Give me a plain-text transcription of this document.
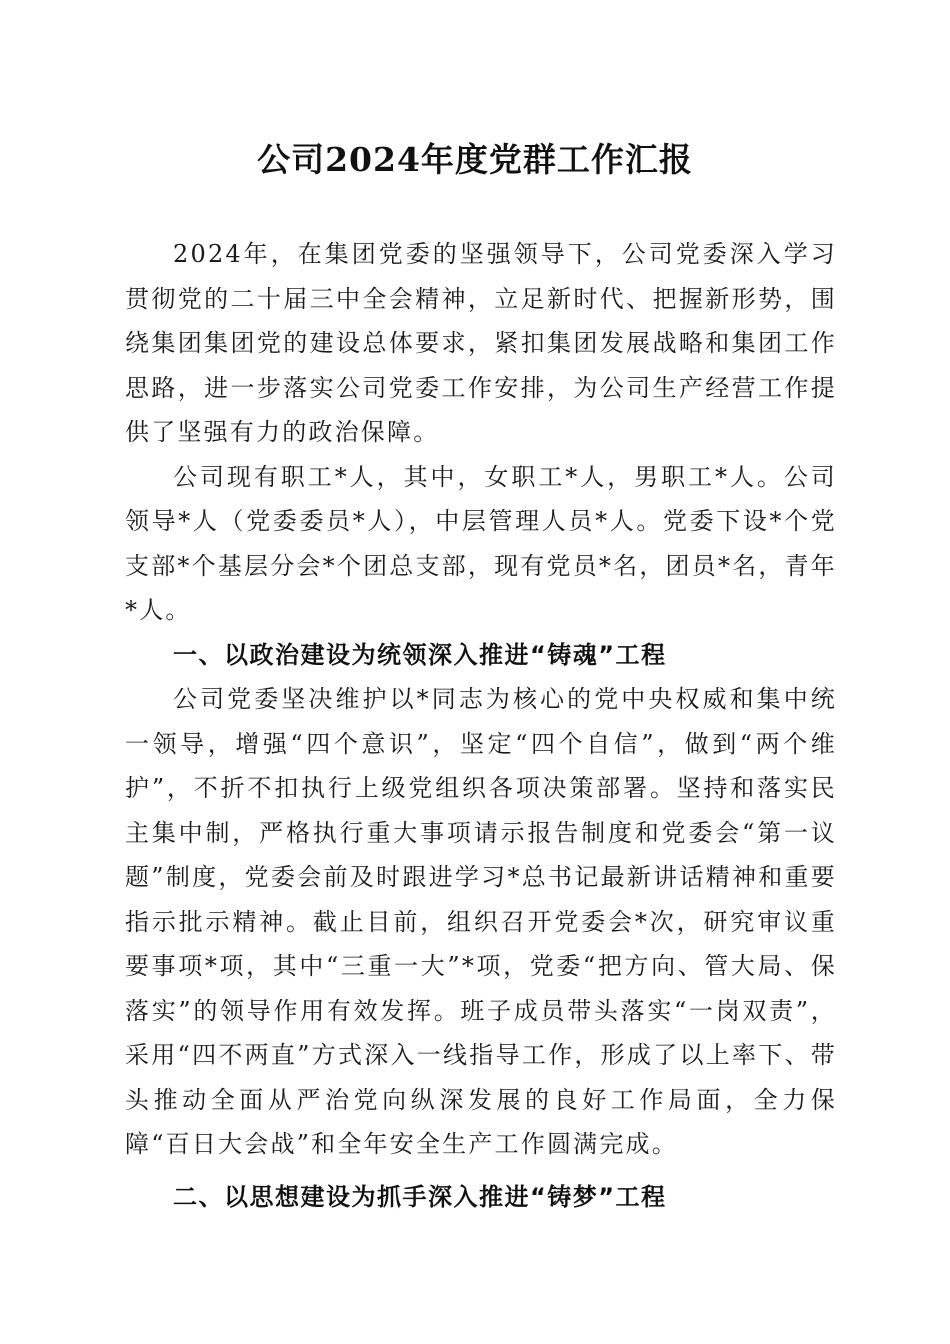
公司2024年度党群工作汇报

2024年，在集团党委的坚强领导下，公司党委深入学习贯彻党的二十届三中全会精神，立足新时代、把握新形势，围绕集团集团党的建设总体要求，紧扣集团发展战略和集团工作思路，进一步落实公司党委工作安排，为公司生产经营工作提供了坚强有力的政治保障。

公司现有职工*人，其中，女职工*人，男职工*人。公司领导*人（党委委员*人），中层管理人员*人。党委下设*个党支部*个基层分会*个团总支部，现有党员*名，团员*名，青年*人。

一、以政治建设为统领深入推进“铸魂”工程

公司党委坚决维护以*同志为核心的党中央权威和集中统一领导，增强“四个意识”，坚定“四个自信”，做到“两个维护”，不折不扣执行上级党组织各项决策部署。坚持和落实民主集中制，严格执行重大事项请示报告制度和党委会“第一议题”制度，党委会前及时跟进学习*总书记最新讲话精神和重要指示批示精神。截止目前，组织召开党委会*次，研究审议重要事项*项，其中“三重一大”*项，党委“把方向、管大局、保落实”的领导作用有效发挥。班子成员带头落实“一岗双责”，采用“四不两直”方式深入一线指导工作，形成了以上率下、带头推动全面从严治党向纵深发展的良好工作局面，全力保障“百日大会战”和全年安全生产工作圆满完成。

二、以思想建设为抓手深入推进“铸梦”工程
